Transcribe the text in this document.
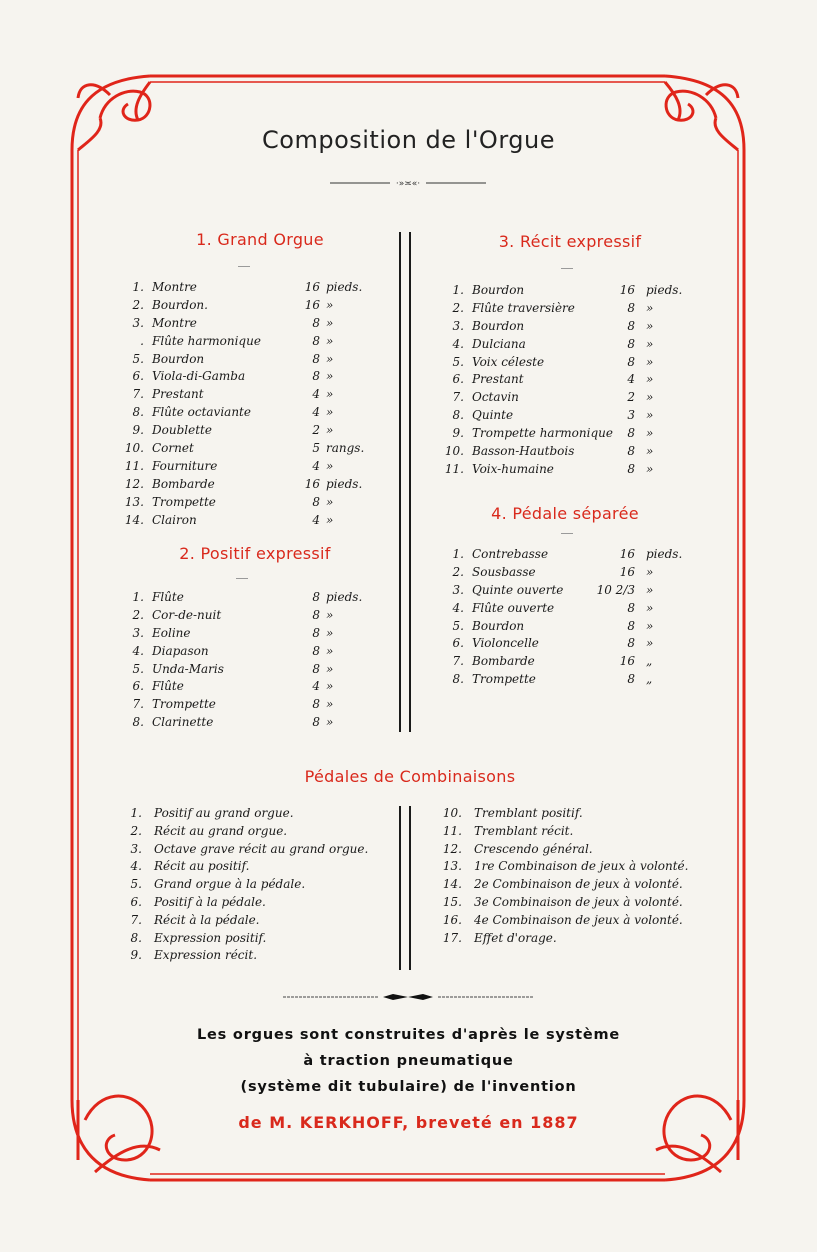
Composition de l'Orgue
·»≍«·
1. Grand Orgue
1. Montre	16 pieds.
2. Bourdon.	16 »
3. Montre	8 »
. Flûte harmonique	8 »
5. Bourdon	8 »
6. Viola-di-Gamba	8 »
7. Prestant	4 »
8. Flûte octaviante	4 »
9. Doublette	2 »
10. Cornet	5 rangs.
11. Fourniture	4 »
12. Bombarde	16 pieds.
13. Trompette	8 »
14. Clairon	4 »
2. Positif expressif
1. Flûte	8 pieds.
2. Cor-de-nuit	8 »
3. Eoline	8 »
4. Diapason	8 »
5. Unda-Maris	8 »
6. Flûte	4 »
7. Trompette	8 »
8. Clarinette	8 »
3. Récit expressif
1. Bourdon	16 pieds.
2. Flûte traversière	8 »
3. Bourdon	8 »
4. Dulciana	8 »
5. Voix céleste	8 »
6. Prestant	4 »
7. Octavin	2 »
8. Quinte	3 »
9. Trompette harmonique	8 »
10. Basson-Hautbois	8 »
11. Voix-humaine	8 »
4. Pédale séparée
1. Contrebasse	16 pieds.
2. Sousbasse	16 »
3. Quinte ouverte	10 2/3 »
4. Flûte ouverte	8 »
5. Bourdon	8 »
6. Violoncelle	8 »
7. Bombarde	16 „
8. Trompette	8 „
Pédales de Combinaisons
1. Positif au grand orgue.
2. Récit au grand orgue.
3. Octave grave récit au grand orgue.
4. Récit au positif.
5. Grand orgue à la pédale.
6. Positif à la pédale.
7. Récit à la pédale.
8. Expression positif.
9. Expression récit.
10. Tremblant positif.
11. Tremblant récit.
12. Crescendo général.
13. 1re Combinaison de jeux à volonté.
14. 2e Combinaison de jeux à volonté.
15. 3e Combinaison de jeux à volonté.
16. 4e Combinaison de jeux à volonté.
17. Effet d'orage.
Les orgues sont construites d'après le système
à traction pneumatique
(système dit tubulaire) de l'invention
de M. KERKHOFF, breveté en 1887
